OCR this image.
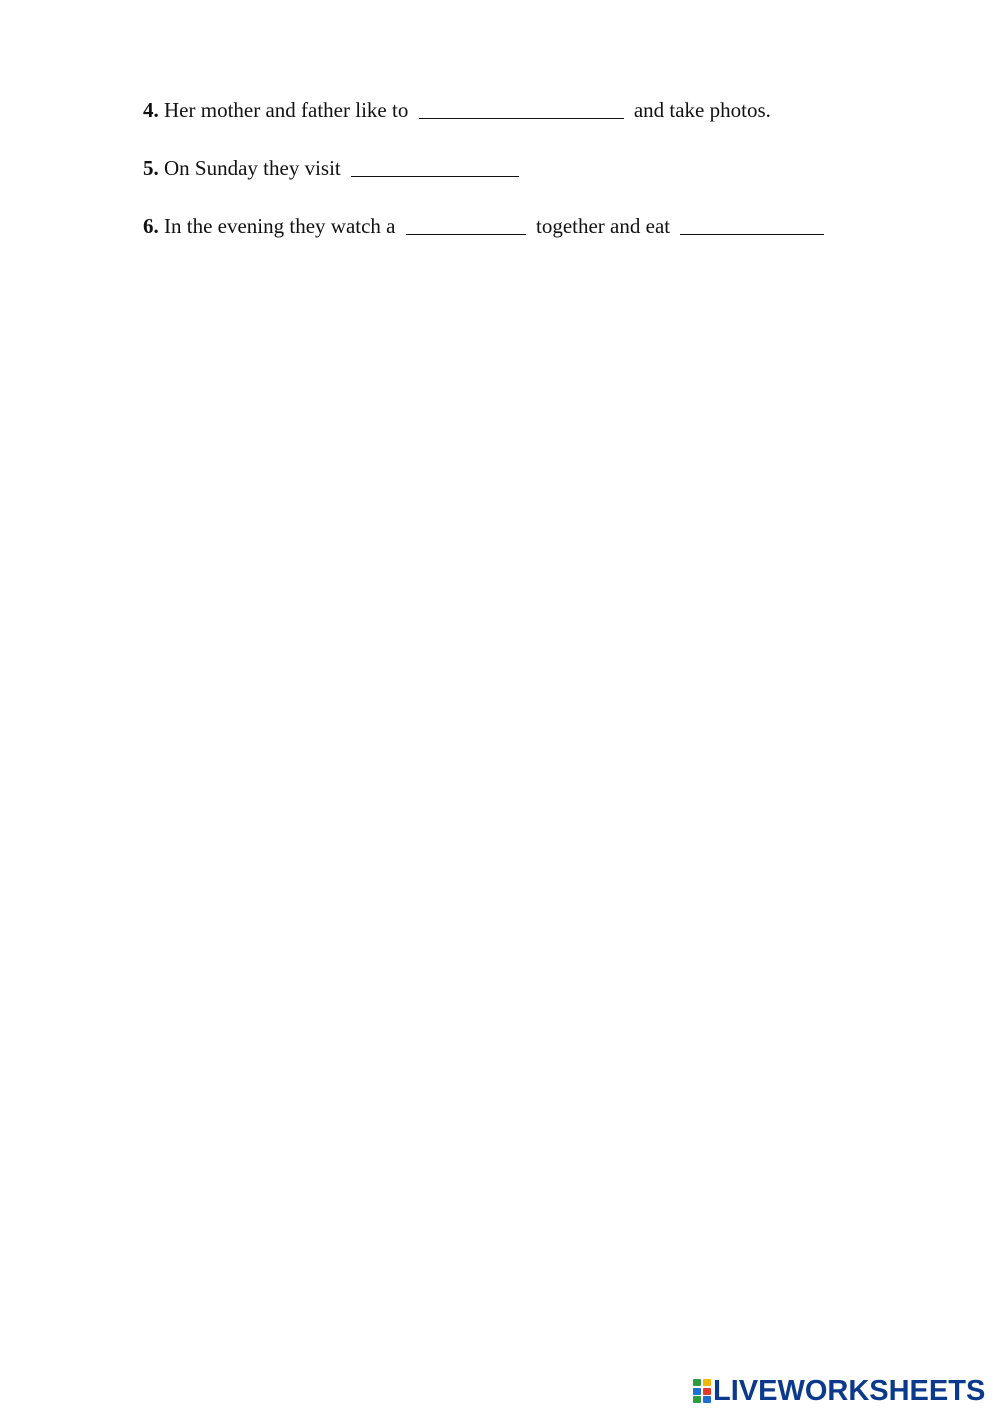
4. Her mother and father like to	and take photos.
5. On Sunday they visit
6. In the evening they watch a	together and eat
LIVEWORKSHEETS
